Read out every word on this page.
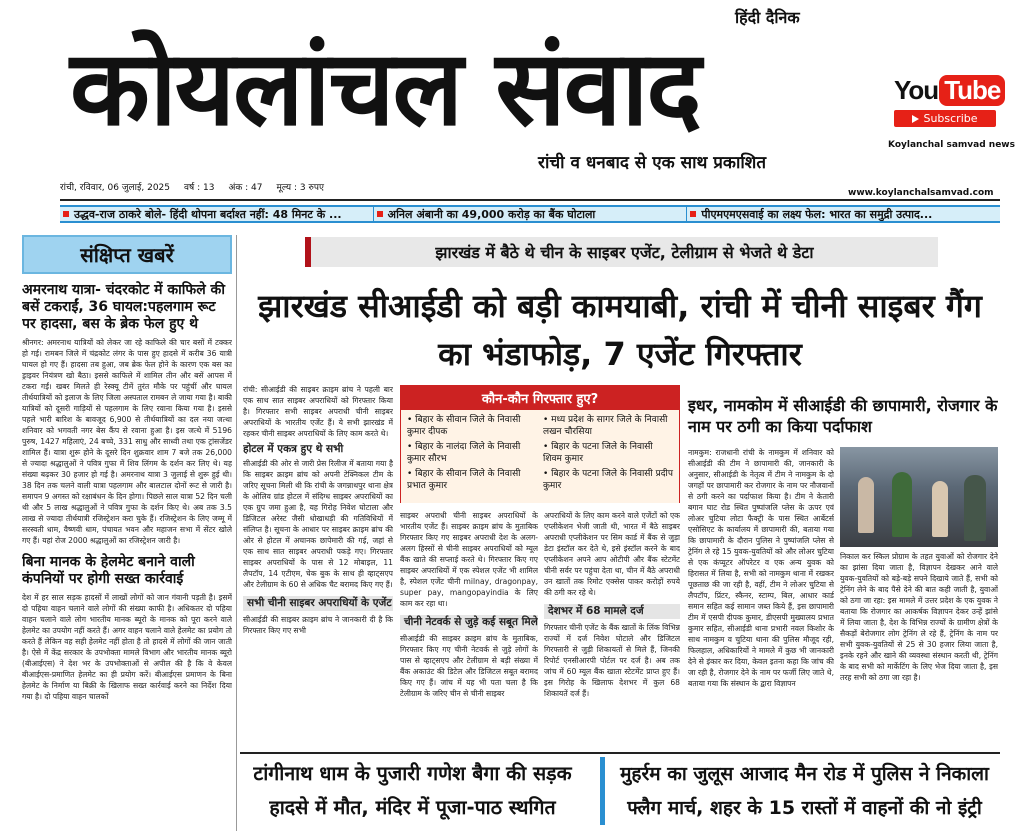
हिंदी दैनिक
कोयलांचल संवाद
रांची व धनबाद से एक साथ प्रकाशित
You Tube
Subscribe
Koylanchal samvad news
रांची, रविवार, 06 जुलाई, 2025 वर्ष : 13 अंक : 47 मूल्य : 3 रुपए	www.koylanchalsamvad.com
उद्धव-राज ठाकरे बोले- हिंदी थोपना बर्दाश्त नहीं: 48 मिनट के ...	अनिल अंबानी का 49,000 करोड़ का बैंक घोटाला	पीएमएमएसवाई का लक्ष्य फेल: भारत का समुद्री उत्पाद...
संक्षिप्त खबरें
अमरनाथ यात्रा- चंदरकोट में काफिले की बसें टकराईं, 36 घायल:पहलगाम रूट पर हादसा, बस के ब्रेक फेल हुए थे
श्रीनगर: अमरनाथ यात्रियों को लेकर जा रहे काफिले की चार बसों में टक्कर हो गई। रामबन जिले में चंद्रकोट लंगर के पास हुए हादसे में करीब 36 यात्री घायल हो गए हैं। हादसा तब हुआ, जब ब्रेक फेल होने के कारण एक बस का ड्राइवर नियंत्रण खो बैठा। इससे काफिले में शामिल तीन और बसें आपस में टकरा गईं। खबर मिलते ही रेस्क्यू टीमें तुरंत मौके पर पहुंचीं और घायल तीर्थयात्रियों को इलाज के लिए जिला अस्पताल रामबन ले जाया गया है। बाकी यात्रियों को दूसरी गाड़ियों से पहलगाम के लिए रवाना किया गया है। इससे पहले भारी बारिश के बावजूद 6,900 से तीर्थयात्रियों का दल नया जत्था शनिवार को भगवती नगर बेस कैंप से रवाना हुआ है। इस जत्थे में 5196 पुरुष, 1427 महिलाएं, 24 बच्चे, 331 साधु और साध्वी तथा एक ट्रांसजेंडर शामिल हैं। यात्रा शुरू होने के दूसरे दिन शुक्रवार शाम 7 बजे तक 26,000 से ज्यादा श्रद्धालुओं ने पवित्र गुफा में शिव लिंगम के दर्शन कर लिए थे। यह संख्या बढ़कर 30 हजार हो गई है। अमरनाथ यात्रा 3 जुलाई से शुरू हुई थी। 38 दिन तक चलने वाली यात्रा पहलगाम और बालटाल दोनों रूट से जारी है। समापन 9 अगस्त को रक्षाबंधन के दिन होगा। पिछले साल यात्रा 52 दिन चली थी और 5 लाख श्रद्धालुओं ने पवित्र गुफा के दर्शन किए थे। अब तक 3.5 लाख से ज्यादा तीर्थयात्री रजिस्ट्रेशन करा चुके हैं। रजिस्ट्रेशन के लिए जम्मू में सरस्वती धाम, वैष्णवी धाम, पंचायत भवन और महाजन सभा में सेंटर खोले गए हैं। यहां रोज 2000 श्रद्धालुओं का रजिस्ट्रेशन जारी है।
बिना मानक के हेलमेट बनाने वाली कंपनियों पर होगी सख्त कार्रवाई
देश में हर साल सड़क हादसों में लाखों लोगों को जान गंवानी पड़ती है। इसमें दो पहिया वाहन चलाने वाले लोगों की संख्या काफी है। अधिकतर दो पहिया वाहन चलाने वाले लोग भारतीय मानक ब्यूरो के मानक को पूरा करने वाले हेलमेट का उपयोग नहीं करते हैं। अगर वाहन चलाने वाले हेलमेट का प्रयोग तो करते हैं लेकिन वह सही हेलमेट नहीं होता है तो हादसे में लोगों की जान जाती है। ऐसे में केंद्र सरकार के उपभोक्ता मामले विभाग और भारतीय मानक ब्यूरो (बीआईएस) ने देश भर के उपभोक्ताओं से अपील की है कि वे केवल बीआईएस-प्रमाणित हेलमेट का ही प्रयोग करें। बीआईएस प्रमाणन के बिना हेलमेट के निर्माण या बिक्री के खिलाफ सख्त कार्रवाई करने का निर्देश दिया गया है। दो पहिया वाहन चालकों
झारखंड में बैठे थे चीन के साइबर एजेंट, टेलीग्राम से भेजते थे डेटा
झारखंड सीआईडी को बड़ी कामयाबी, रांची में चीनी साइबर गैंग का भंडाफोड़, 7 एजेंट गिरफ्तार
रांची: सीआईडी की साइबर क्राइम ब्रांच ने पहली बार एक साथ सात साइबर अपराधियों को गिरफ्तार किया है। गिरफ्तार सभी साइबर अपराधी चीनी साइबर अपराधियों के भारतीय एजेंट हैं। ये सभी झारखंड में रहकर चीनी साइबर अपराधियों के लिए काम करते थे।
होटल में एकत्र हुए थे सभी
सीआईडी की ओर से जारी प्रेस रिलीज में बताया गया है कि साइबर क्राइम ब्रांच को अपनी टेक्निकल टीम के जरिए सूचना मिली थी कि रांची के जगन्नाथपुर थाना क्षेत्र के ओलिव ग्रांड होटल में संदिग्ध साइबर अपराधियों का एक ग्रुप जमा हुआ है, यह गिरोह निवेश घोटाला और डिजिटल अरेस्ट जैसी धोखाधड़ी की गतिविधियों में संलिप्त है। सूचना के आधार पर साइबर क्राइम ब्रांच की ओर से होटल में अचानक छापेमारी की गई, जहां से एक साथ सात साइबर अपराधी पकड़े गए। गिरफ्तार साइबर अपराधियों के पास से 12 मोबाइल, 11 लैपटॉप, 14 एटीएम, चेक बुक के साथ ही व्हाट्सएप और टेलीग्राम के 60 से अधिक चैट बरामद किए गए हैं।
सभी चीनी साइबर अपराधियों के एजेंट
सीआईडी की साइबर क्राइम ब्रांच ने जानकारी दी है कि गिरफ्तार किए गए सभी
कौन-कौन गिरफ्तार हुए?
• बिहार के सीवान जिले के निवासी कुमार दीपक
• बिहार के नालंदा जिले के निवासी कुमार सौरभ
• बिहार के सीवान जिले के निवासी प्रभात कुमार
• मध्य प्रदेश के सागर जिले के निवासी लखन चौरसिया
• बिहार के पटना जिले के निवासी शिवम कुमार
• बिहार के पटना जिले के निवासी प्रदीप कुमार
साइबर अपराधी चीनी साइबर अपराधियों के भारतीय एजेंट हैं। साइबर क्राइम ब्रांच के मुताबिक गिरफ्तार किए गए साइबर अपराधी देश के अलग-अलग हिस्सों से चीनी साइबर अपराधियों को म्यूल बैंक खाते की सप्लाई करते थे। गिरफ्तार किए गए साइबर अपराधियों में एक स्पेशल एजेंट भी शामिल है, स्पेशल एजेंट चीनी milnay, dragonpay, super pay, mangopayindia के लिए काम कर रहा था।
चीनी नेटवर्क से जुड़े कई सबूत मिले
सीआईडी की साइबर क्राइम ब्रांच के मुताबिक, गिरफ्तार किए गए चीनी नेटवर्क से जुड़े लोगों के पास से व्हाट्सएप और टेलीग्राम से बड़ी संख्या में बैंक अकाउंट की डिटेल और डिजिटल सबूत बरामद किए गए हैं। जांच में यह भी पता चला है कि टेलीग्राम के जरिए चीन से चीनी साइबर
अपराधियों के लिए काम करने वाले एजेंटों को एक एप्लीकेशन भेजी जाती थी, भारत में बैठे साइबर अपराधी एप्लीकेशन पर सिम कार्ड में बैंक से जुड़ा डेटा इंस्टॉल कर देते थे, इसे इंस्टॉल करने के बाद एप्लीकेशन अपने आप ओटीपी और बैंक स्टेटमेंट चीनी सर्वर पर पहुंचा देता था, चीन में बैठे अपराधी उन खातों तक रिमोट एक्सेस पाकर करोड़ों रुपये की ठगी कर रहे थे।
देशभर में 68 मामले दर्ज
गिरफ्तार चीनी एजेंट के बैंक खातों के लिंक विभिन्न राज्यों में दर्ज निवेश घोटाले और डिजिटल गिरफ्तारी से जुड़ी शिकायतों से मिले हैं, जिनकी रिपोर्ट एनसीआरपी पोर्टल पर दर्ज है। अब तक जांच में 60 म्यूल बैंक खाता स्टेटमेंट प्राप्त हुए हैं। इस गिरोह के खिलाफ देशभर में कुल 68 शिकायतें दर्ज हैं।
इधर, नामकोम में सीआईडी की छापामारी, रोजगार के नाम पर ठगी का किया पर्दाफाश
नामकुम: राजधानी रांची के नामकुम में शनिवार को सीआईडी की टीम ने छापामारी की, जानकारी के अनुसार, सीआईडी के नेतृत्व में टीम ने नामकुम के दो जगहों पर छापामारी कर रोजगार के नाम पर नौजवानों से ठगी करने का पर्दाफाश किया है। टीम ने केतारी बगान घाट रोड स्थित पुष्पांजलि प्लेस के ऊपर एवं लोअर चुटिया लोटा फैक्ट्री के पास स्थित आर्बेटर्स एसोसिएट के कार्यालय में छापामारी की, बताया गया कि छापामारी के दौरान पुलिस ने पुष्पांजलि प्लेस से ट्रेनिंग ले रहे 15 युवक-युवतियों को और लोअर चुटिया से एक कंप्यूटर ऑपरेटर व एक अन्य युवक को हिरासत में लिया है, सभी को नामकुम थाना में रखकर पूछताछ की जा रही है, वहीं, टीम ने लोअर चुटिया से लैपटॉप, प्रिंटर, स्कैनर, स्टाम्प, बिल, आधार कार्ड समान सहित कई सामान जब्त किये हैं, इस छापामारी टीम में एसपी दीपक कुमार, डीएसपी मुख्यालय प्रभात कुमार सहित, सीआईडी थाना प्रभारी नवल किशोर के साथ नामकुम व चुटिया थाना की पुलिस मौजूद रही, फिलहाल, अधिकारियों ने मामले में कुछ भी जानकारी देने से इंकार कर दिया, केवल इतना कहा कि जांच की जा रही है, रोजगार देने के नाम पर फर्जी लिए जाते थे, बताया गया कि संस्थान के द्वारा विज्ञापन
निकाल कर स्किल प्रोग्राम के तहत युवाओं को रोजगार देने का झांसा दिया जाता है, विज्ञापन देखकर आने वाले युवक-युवतियों को बड़े-बड़े सपने दिखाये जाते हैं, सभी को ट्रेनिंग लेने के बाद पैसे देने की बात कही जाती है, युवाओं को ठगा जा रहा: इस मामले में उत्तर प्रदेश के एक युवक ने बताया कि रोजगार का आकर्षक विज्ञापन देकर उन्हें झांसे में लिया जाता है, देश के विभिन्न राज्यों के ग्रामीण क्षेत्रों के सैकड़ों बेरोजगार लोग ट्रेनिंग ले रहे हैं, ट्रेनिंग के नाम पर सभी युवक-युवतियों से 25 से 30 हजार लिया जाता है, इनके रहने और खाने की व्यवस्था संस्थान करती थी, ट्रेनिंग के बाद सभी को मार्केटिंग के लिए भेज दिया जाता है, इस तरह सभी को ठगा जा रहा है।
टांगीनाथ धाम के पुजारी गणेश बैगा की सड़क हादसे में मौत, मंदिर में पूजा-पाठ स्थगित
मुहर्रम का जुलूस आजाद मैन रोड में पुलिस ने निकाला फ्लैग मार्च, शहर के 15 रास्तों में वाहनों की नो इंट्री
